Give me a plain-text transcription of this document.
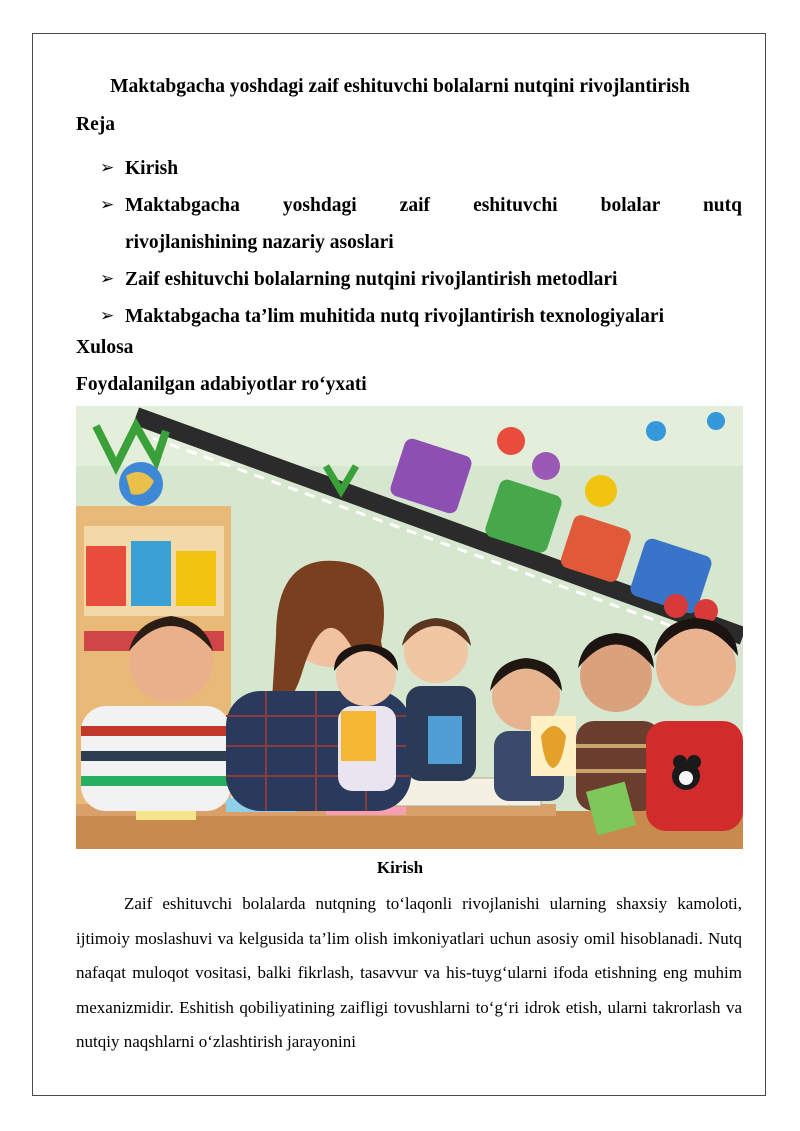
Maktabgacha yoshdagi zaif eshituvchi bolalarni nutqini rivojlantirish
Reja
➢ Kirish
➢ Maktabgacha yoshdagi zaif eshituvchi bolalar nutq
rivojlanishining nazariy asoslari
➢ Zaif eshituvchi bolalarning nutqini rivojlantirish metodlari
➢ Maktabgacha ta’lim muhitida nutq rivojlantirish texnologiyalari
Xulosa
Foydalanilgan adabiyotlar ro‘yxati
Kirish

Zaif eshituvchi bolalarda nutqning to‘laqonli rivojlanishi ularning shaxsiy kamoloti, ijtimoiy moslashuvi va kelgusida ta’lim olish imkoniyatlari uchun asosiy omil hisoblanadi. Nutq nafaqat muloqot vositasi, balki fikrlash, tasavvur va his-tuyg‘ularni ifoda etishning eng muhim mexanizmidir. Eshitish qobiliyatining zaifligi tovushlarni to‘g‘ri idrok etish, ularni takrorlash va nutqiy naqshlarni o‘zlashtirish jarayonini
